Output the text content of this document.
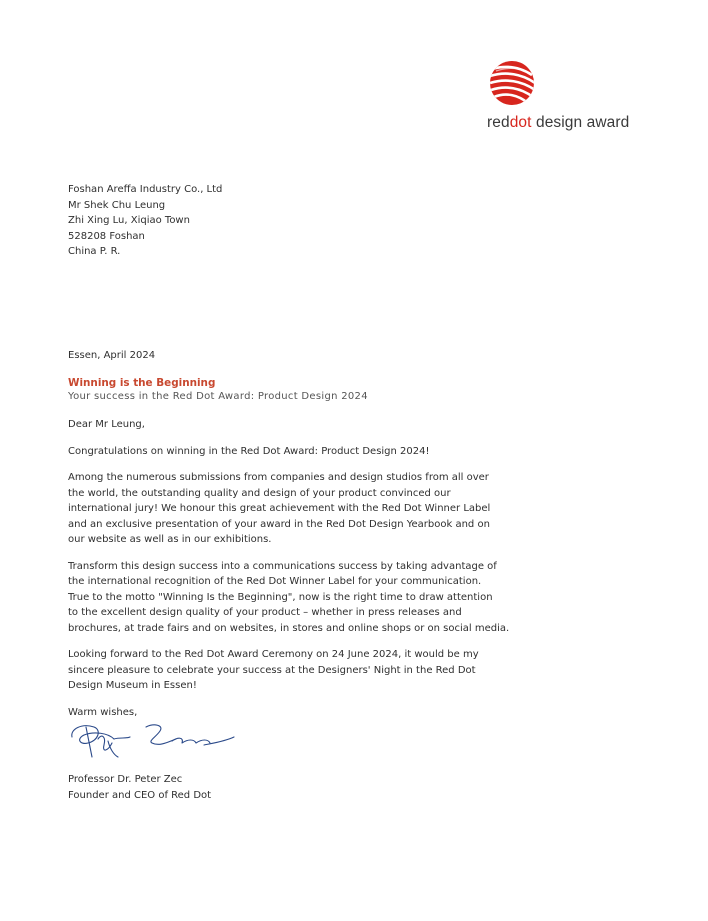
reddot design award
Foshan Areffa Industry Co., Ltd
Mr Shek Chu Leung
Zhi Xing Lu, Xiqiao Town
528208 Foshan
China P. R.
Essen, April 2024
Winning is the Beginning
Your success in the Red Dot Award: Product Design 2024

Dear Mr Leung,

Congratulations on winning in the Red Dot Award: Product Design 2024!

Among the numerous submissions from companies and design studios from all over
the world, the outstanding quality and design of your product convinced our
international jury! We honour this great achievement with the Red Dot Winner Label
and an exclusive presentation of your award in the Red Dot Design Yearbook and on
our website as well as in our exhibitions.

Transform this design success into a communications success by taking advantage of
the international recognition of the Red Dot Winner Label for your communication.
True to the motto "Winning Is the Beginning", now is the right time to draw attention
to the excellent design quality of your product – whether in press releases and
brochures, at trade fairs and on websites, in stores and online shops or on social media.

Looking forward to the Red Dot Award Ceremony on 24 June 2024, it would be my
sincere pleasure to celebrate your success at the Designers' Night in the Red Dot
Design Museum in Essen!

Warm wishes,

Professor Dr. Peter Zec
Founder and CEO of Red Dot
